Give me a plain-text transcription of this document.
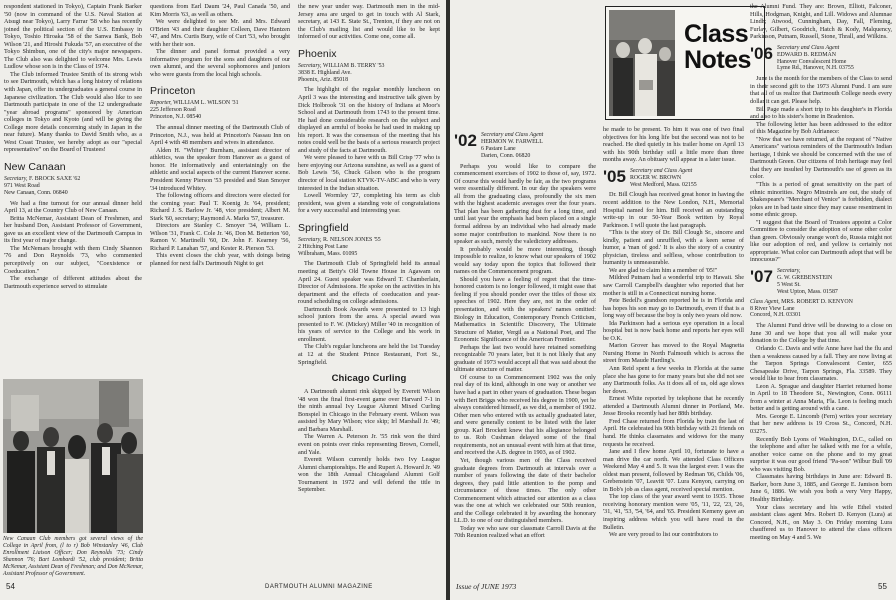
respondent stationed in Tokyo), Captain Frank Barker '50 (now in command of the U.S. Naval Station at Atsugi near Tokyo), Larry Farrar '58 who has recently joined the political section of the U.S. Embassy in Tokyo, Toshio Hiroaka '58 of the Sanwa Bank, Bob Wilson '21, and Hiroshi Fukuda '57, an executive of the Tokyo Shimbun, one of the city's major newspapers. The Club also was delighted to welcome Mrs. Lewis Ludlow whose son is in the Class of 1974.

The Club informed Trustee Smith of its strong wish to see Dartmouth, which has a long history of relations with Japan, offer its undergraduates a general course in Japanese civilization. The Club would also like to see Dartmouth participate in one of the 12 undergraduate "year abroad programs" sponsored by American colleges in Tokyo and Kyoto (and will be giving the College more details concerning study in Japan in the near future). Many thanks to David Smith who, as a West Coast Trustee, we hereby adopt as our "special representative" on the Board of Trustees!

New Canaan
Secretary, F. BROCK SAXE '62
971 West Road
New Canaan, Conn. 06840

We had a fine turnout for our annual dinner held April 13, at the Country Club of New Canaan.

Britta McNemar, Assistant Dean of Freshmen, and her husband Don, Assistant Professor of Government, gave us an excellent view of the Dartmouth Campus in its first year of major change.

The McNemars brought with them Cindy Shannon '76 and Don Reynolds '73, who commented perceptively on our subject, "Coexistence or Coeducation."

The exchange of different attitudes about the Dartmouth experience served to stimulate

New Canaan Club members got several views of the College in April from, (l to r) Bob Winstanley '46, Club Enrollment Liaison Officer; Don Reynolds '73; Cindy Shannon '76; Bart Lombardi '52, club president; Britta McNemar, Assistant Dean of Freshman; and Don McNemar, Assistant Professor of Government.

questions from Earl Daum '24, Paul Canada '50, and Kim Morris '63, as well as others.

We were delighted to see Mr. and Mrs. Edward O'Brien '43 and their daughter Colleen, Dave Hantzen '47, and Mrs. Curtis Bury, wife of Curt '53, who brought with her their son.

The dinner and panel format provided a very informative program for the sons and daughters of our own alumni, and the several sophomores and juniors who were guests from the local high schools.

Princeton
Reporter, WILLIAM L. WILSON '31
225 Jefferson Road
Princeton, N.J. 08540

The annual dinner meeting of the Dartmouth Club of Princeton, N.J., was held at Princeton's Nassau Inn on April 4 with 48 members and wives in attendance.

Alden H. "Whitey" Burnham, assistant director of athletics, was the speaker from Hanover as a guest of honor. He informatively and entertainingly on the athletic and social aspects of the current Hanover scene. President Kenny Pierson '53 presided and Stan Smoyer '34 introduced Whitey.

The following officers and directors were elected for the coming year: Paul T. Koenig Jr. '64, president; Richard J. S. Barlow Jr. '48, vice president; Albert M. Stark '60, secretary; Raymond A. Marks '57, treasurer.

Directors are Stanley C. Smoyer '34, William L. Wilson '31, Frank C. Cole Jr. '46, Don M. Betterton '60, Ramon V. Martinelli '60, Dr. John F. Kearney '56, Richard P. Lanahan '57, and Kester R. Pierson '53.

This event closes the club year, with doings being planned for next fall's Dartmouth Night to get

the new year under way. Dartmouth men in the mid-Jersey area are urged to get in touch with Al Stark, secretary, at 143 E. State St., Trenton, if they are not on the Club's mailing list and would like to be kept informed of our activities. Come one, come all.

Phoenix
Secretary, WILLIAM B. TERRY '53
3838 E. Highland Ave.
Phoenix, Ariz. 85018

The highlight of the regular monthly luncheon on April 3 was the interesting and instructive talk given by Dick Holbrook '31 on the history of Indians at Moor's School and at Dartmouth from 1743 to the present time. He had done considerable research on the subject and displayed an armful of books he had used in making up his report. It was the consensus of the meeting that his notes could well be the basis of a serious research project and study of the facts at Dartmouth.

We were pleased to have with us Bill Crisp '77 who is here enjoying our Arizona sunshine, as well as a guest of Bob Lewis '56, Chuck Gilson who is the program director of local station KTVK-TV-ABC and who is very interested in the Indian situation.

Lowell Wormley '27, completing his term as club president, was given a standing vote of congratulations for a very successful and interesting year.

Springfield
Secretary, R. NELSON JONES '55
2 Hitching Post Lane
Wilbraham, Mass. 01095

The Dartmouth Club of Springfield held its annual meeting at Betty's Old Towne House in Agawam on April 24. Guest speaker was Edward T. Chamberlain, Director of Admissions. He spoke on the activities in his department and the effects of coeducation and year-round scheduling on college admissions.

Dartmouth Book Awards were presented to 13 high school juniors from the area. A special award was presented to F. W. (Mickey) Miller '40 in recognition of his years of service to the College and his work in enrollment.

The Club's regular luncheons are held the 1st Tuesday at 12 at the Student Prince Restaurant, Fort St., Springfield.

Chicago Curling

A Dartmouth alumni rink skipped by Everett Wilson '48 won the final first-event game over Harvard 7-1 in the ninth annual Ivy League Alumni Mixed Curling Bonspiel in Chicago in the February event. Wilson was assisted by Mary Wilson; vice skip; Irl Marshall Jr. '49; and Barbara Marshall.

The Warren A. Peterson Jr. '55 rink won the third event on points over rinks representing Brown, Cornell, and Yale.

Everett Wilson currently holds two Ivy League Alumni championships. He and Rupert A. Howard Jr. '49 won the 18th Annual Chicagoland Alumni Golf Tournament in 1972 and will defend the title in September.

54	DARTMOUTH ALUMNI MAGAZINE
Class
Notes
'02 Secretary and Class Agent
HERMON W. FARWELL
6 Pastare Lane
Darien, Conn. 06820

Perhaps you would like to compare the commencement exercises of 1902 to those of, say, 1972. Of course this would hardly be fair, as the two programs were essentially different. In our day the speakers were all from the graduating class, profoundly the six men with the highest academic averages over the four years. That plan has been gathering dust for a long time, and until last year the emphasis had been placed on a single formal address by an individual who had already made some major contribution to mankind. Now there is no speaker as such, merely the valedictory addresses.

It probably would be more interesting, though impossible to realize, to know what our speakers of 1902 would say today upon the topics that followed their names on the Commencement program.

Should you have a feeling of regret that the time-honored custom is no longer followed, it might ease that feeling if you should ponder over the titles of those six speeches of 1902. Here they are, not in the order of presentation, and with the speakers' names omitted: Biology in Education, Contemporary French Criticism, Mathematics in Scientific Discovery, The Ultimate Structure of Matter, Vergil as a National Poet, and The Economic Significance of the American Frontier.

Perhaps the last two would have retained something recognizable 70 years later, but it is not likely that any graduate of 1973 would accept all that was said about the ultimate structure of matter.

Of course to us Commencement 1902 was the only real day of its kind, although in one way or another we have had a part in other years of graduation. These began with Bert Briggs who received his degree in 1900, yet he always considered himself, as we did, a member of 1902. Other men who entered with us actually graduated later, and were generally content to be listed with the later group. Karl Brockett knew that his allegiance belonged to us. Rob Cushman delayed some of the final requirements, not an unusual event with him at that time, and received the A.B. degree in 1903, as of 1902.

Yet, though various men of the Class received graduate degrees from Dartmouth at intervals over a number of years following the date of their bachelor degrees, they paid little attention to the pomp and circumstance of those times. The only other Commencement which attracted our attention as a class was the one at which we celebrated our 50th reunion, and the College celebrated it by awarding the honorary LL.D. to one of our distinguished members.

Today we who saw our classmate Carroll Davis at the 70th Reunion realized what an effort

he made to be present. To him it was one of two final objectives for his long life but the second was not to be reached. He died quietly in his trailer home on April 13 with his 90th birthday still a little more than three months away. An obituary will appear in a later issue.

'05 Secretary and Class Agent
ROGER W. BROWN
West Medford, Mass. 02155

Dr. Bill Clough has received great honor in having the recent addition to the New London, N.H., Memorial Hospital named for him. Bill received an outstanding write-up in our 50-Year Book written by Royal Parkinson. I will quote the last paragraph.

"This is the story of Dr. Bill Clough Sr., sincere and kindly, patient and unruffled, with a keen sense of humor, a 'man of god.' It is also the story of a country physician, tireless and selfless, whose contribution to humanity is unmeasurable.

We are glad to claim him a member of '05!"

Mildred Putnam had a wonderful trip to Hawaii. She saw Carroll Campbell's daughter who reported that her mother is still in a Connecticut nursing home.

Pete Bedell's grandson reported he is in Florida and has hopes his son may go to Dartmouth, even if that is a long way off because the boy is only two years old now.

Ida Parkinson had a serious eye operation in a local hospital but is now back home and reports her eyes will be O.K.

Marion Grover has moved to the Royal Magnetta Nursing Home in North Falmouth which is across the street from Maude Harding's.

Ann Reid spent a few weeks in Florida at the same place she has gone to for many years but she did not see any Dartmouth folks. As it does all of us, old age slows her down.

Ernest White reported by telephone that he recently attended a Dartmouth Alumni dinner in Portland, Me. Jesse Brooks recently had her 88th birthday.

Fred Chase returned from Florida by train the last of April. He celebrated his 90th birthday with 21 friends on hand. He thinks classmates and widows for the many requests he received.

Jane and I flew home April 10, fortunate to have a man drive the car north. We attended Class Officers Weekend May 4 and 5. It was the largest ever. I was the oldest man present, followed by Redman '06, Childs '06, Grebenstein '07, Leavitt '07. Lura Kenyon, carrying on in Bob's job as class agent, received special mention.

The top class of the year award went to 1935. Those receiving honorary mention were '05, '11, '22, '23, '26, '31, '41, '53, '54, '64, and '65. President Kemeny gave an inspiring address which you will have read in the Bulletin.

We are very proud to list our contributors to

the Alumni Fund. They are: Brown, Elliott, Falconer, Hills, Hodgman, Knight, and Lill. Widows and Alumnae Lindh; Atwood, Cunningham, Day, Fall, Fleming, Furlay, Gilbert, Goodrich, Hatch & Kody, Malquency, Parkinson, Putnam, Russell, Stone, Thrall, and Wilkins.

'06 Secretary and Class Agent
EDWARD B. REDMAN
Hanover Convalescent Home
Lyme Rd., Hanover, N.H. 03755

June is the month for the members of the Class to send in their second gift to the 1973 Alumni Fund. I am sure that all of us realize that Dartmouth College needs every dollar it can get. Please help.

Bill Page made a short trip to his daughter's in Florida and also to his sister's home in Bradenton.

The following letter has been addressed to the editor of this Magazine by Bob Adrianece:

"Now that we have returned, at the request of "Native Americans" various reminders of the Dartmouth's Indian heritage, I think we should be concerned with the use of Dartmouth Green. Our citizens of Irish heritage may feel that they are insulted by Dartmouth's use of green as its color.

"This is a period of great sensitivity on the part of ethnic minorities. Negro Minstrels are out, the study of Shakespeare's "Merchant of Venice" is forbidden, dialect jokes are in bad taste since they may cause resentment in some ethnic group.

"I suggest that the Board of Trustees appoint a Color Committee to consider the adoption of some other color than green. Obviously orange won't do, Russia might not like our adoption of red, and yellow is certainly not appropriate. What color can Dartmouth adopt that will be innocuous?"

'07 Secretary,
G. W. GREBENSTEIN
5 West St.
West Upton, Mass. 01587
Class Agent, MRS. ROBERT D. KENYON
8 River View Lane
Concord, N.H. 03301

The Alumni Fund drive will be drawing to a close on June 30 and we hope that you all will make your donation to the College by that time.

Orlando C. Davis and wife Anne have had the flu and then a weakness caused by a fall. They are now living at the Tarpon Springs Convalescent Center, 655 Chesapeake Drive, Tarpon Springs, Fla. 33589. They would like to hear from classmates.

Leon A. Sprague and daughter Harriet returned home in April to 18 Theodore St., Newington, Conn. 06111 from a winter at Anna Maria, Fla. Leon is feeling much better and is getting around with a cane.

Mrs. George E. Lincomb (Fern) writes your secretary that her new address is 19 Cross St., Concord, N.H. 03275.

Recently Bob Lyons of Washington, D.C., called on the telephone and after he talked with me for a while, another voice came on the phone and to my great surprise it was our good friend "Pa-son" Wilbur Bull '09 who was visiting Bob.

Classmates having birthdays in June are: Edward B. Barker, born June 3, 1885, and George E. Jamison born June 6, 1886. We wish you both a very Very Happy, Healthy Birthday.

Your class secretary and his wife Ethel visited assistant class agent Mrs. Robert D. Kenyon (Lura) at Concord, N.H., on May 3. On Friday morning Lura chauffered us to Hanover to attend the class officers meeting on May 4 and 5. We

Issue of JUNE 1973	55
